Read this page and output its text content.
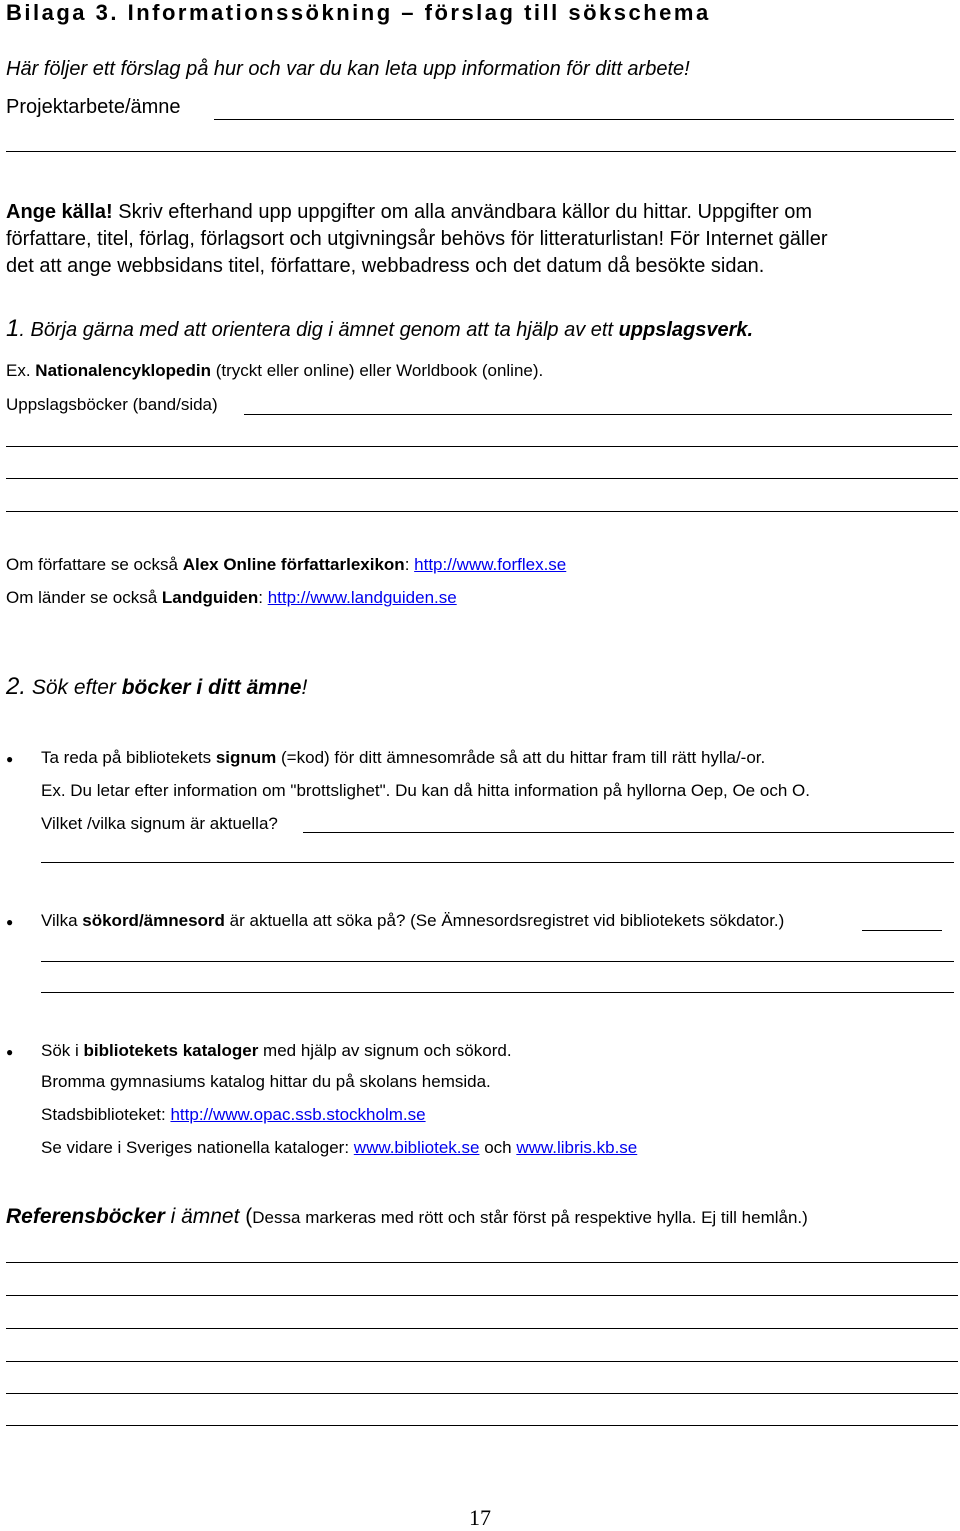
Bilaga 3. Informationssökning – förslag till sökschema
Här följer ett förslag på hur och var du kan leta upp information för ditt arbete!
Projektarbete/ämne
Ange källa! Skriv efterhand upp uppgifter om alla användbara källor du hittar. Uppgifter om
författare, titel, förlag, förlagsort och utgivningsår behövs för litteraturlistan! För Internet gäller
det att ange webbsidans titel, författare, webbadress och det datum då besökte sidan.
1. Börja gärna med att orientera dig i ämnet genom att ta hjälp av ett uppslagsverk.
Ex. Nationalencyklopedin (tryckt eller online) eller Worldbook (online).
Uppslagsböcker (band/sida)
Om författare se också Alex Online författarlexikon: http://www.forflex.se
Om länder se också Landguiden: http://www.landguiden.se
2. Sök efter böcker i ditt ämne!
● Ta reda på bibliotekets signum (=kod) för ditt ämnesområde så att du hittar fram till rätt hylla/-or.
Ex. Du letar efter information om "brottslighet". Du kan då hitta information på hyllorna Oep, Oe och O.
Vilket /vilka signum är aktuella?
● Vilka sökord/ämnesord är aktuella att söka på? (Se Ämnesordsregistret vid bibliotekets sökdator.)
● Sök i bibliotekets kataloger med hjälp av signum och sökord.
Bromma gymnasiums katalog hittar du på skolans hemsida.
Stadsbiblioteket: http://www.opac.ssb.stockholm.se
Se vidare i Sveriges nationella kataloger: www.bibliotek.se och www.libris.kb.se
Referensböcker i ämnet (Dessa markeras med rött och står först på respektive hylla. Ej till hemlån.)
17
